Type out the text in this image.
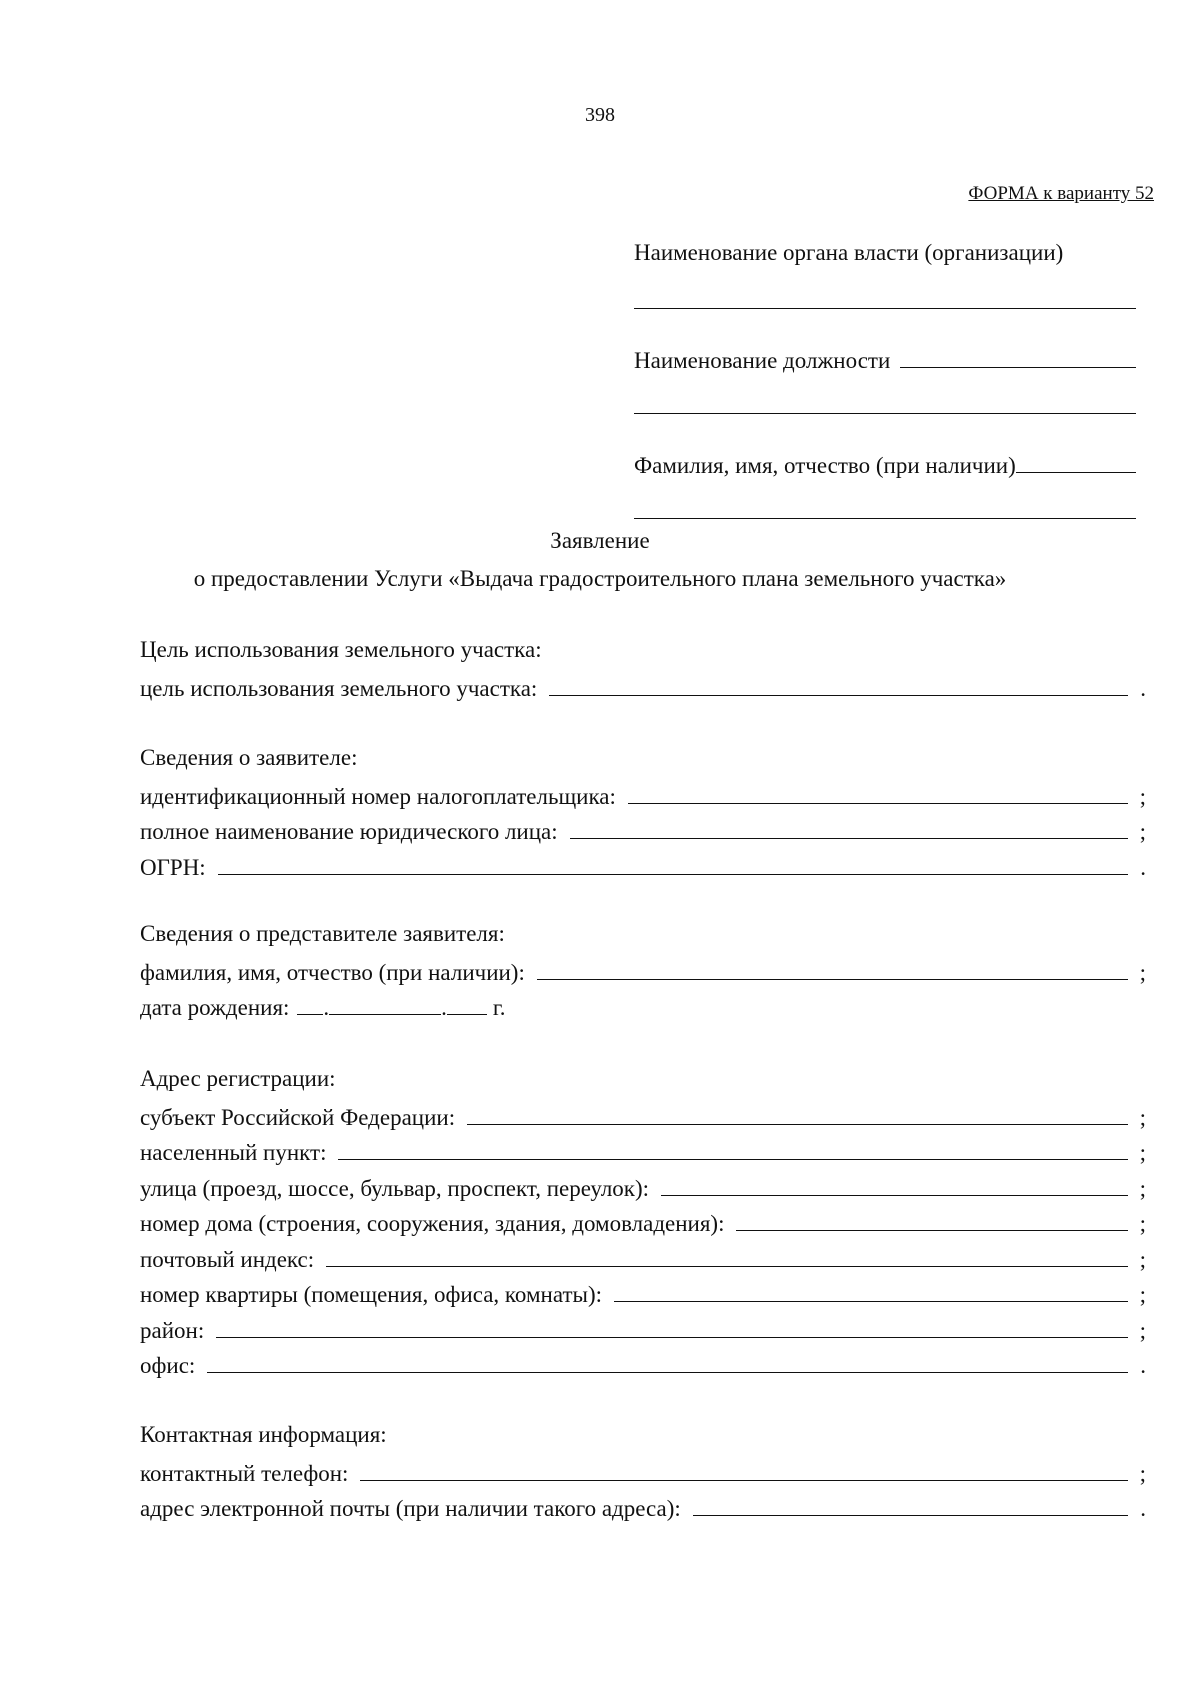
398
ФОРМА к варианту 52
Наименование органа власти (организации)
Наименование должности
Фамилия, имя, отчество (при наличии)
Заявление
о предоставлении Услуги «Выдача градостроительного плана земельного участка»
Цель использования земельного участка:
цель использования земельного участка:	.
Сведения о заявителе:
идентификационный номер налогоплательщика:	;
полное наименование юридического лица:	;
ОГРН:	.
Сведения о представителе заявителя:
фамилия, имя, отчество (при наличии):	;
дата рождения: .	. г.
Адрес регистрации:
субъект Российской Федерации:	;
населенный пункт:	;
улица (проезд, шоссе, бульвар, проспект, переулок):	;
номер дома (строения, сооружения, здания, домовладения):	;
почтовый индекс:	;
номер квартиры (помещения, офиса, комнаты):	;
район:	;
офис:	.
Контактная информация:
контактный телефон:	;
адрес электронной почты (при наличии такого адреса):	.
